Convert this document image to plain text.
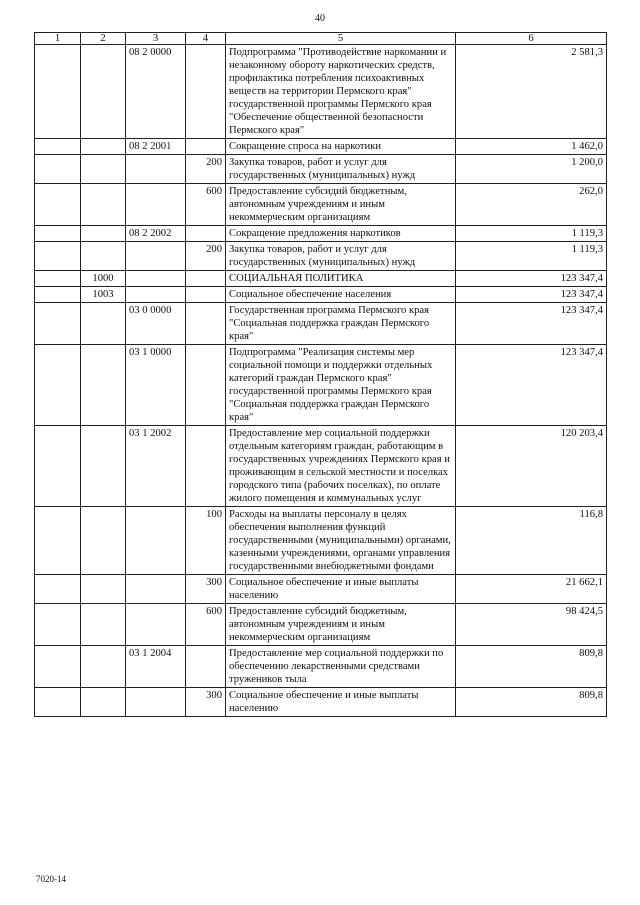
40
1	2	3	4	5	6
		08 2 0000		Подпрограмма "Противодействие наркомании и незаконному обороту наркотических средств, профилактика потребления психоактивных веществ на территории Пермского края" государственной программы Пермского края "Обеспечение общественной безопасности Пермского края"	2 581,3
		08 2 2001		Сокращение спроса на наркотики	1 462,0
			200	Закупка товаров, работ и услуг для государственных (муниципальных) нужд	1 200,0
			600	Предоставление субсидий бюджетным, автономным учреждениям и иным некоммерческим организациям	262,0
		08 2 2002		Сокращение предложения наркотиков	1 119,3
			200	Закупка товаров, работ и услуг для государственных (муниципальных) нужд	1 119,3
	1000			СОЦИАЛЬНАЯ ПОЛИТИКА	123 347,4
	1003			Социальное обеспечение населения	123 347,4
		03 0 0000		Государственная программа Пермского края "Социальная поддержка граждан Пермского края"	123 347,4
		03 1 0000		Подпрограмма "Реализация системы мер социальной помощи и поддержки отдельных категорий граждан Пермского края" государственной программы Пермского края "Социальная поддержка граждан Пермского края"	123 347,4
		03 1 2002		Предоставление мер социальной поддержки отдельным категориям граждан, работающим в государственных учреждениях Пермского края и проживающим в сельской местности и поселках городского типа (рабочих поселках), по оплате жилого помещения и коммунальных услуг	120 203,4
			100	Расходы на выплаты персоналу в целях обеспечения выполнения функций государственными (муниципальными) органами, казенными учреждениями, органами управления государственными внебюджетными фондами	116,8
			300	Социальное обеспечение и иные выплаты населению	21 662,1
			600	Предоставление субсидий бюджетным, автономным учреждениям и иным некоммерческим организациям	98 424,5
		03 1 2004		Предоставление мер социальной поддержки по обеспечению лекарственными средствами тружеников тыла	809,8
			300	Социальное обеспечение и иные выплаты населению	809,8
7020-14
